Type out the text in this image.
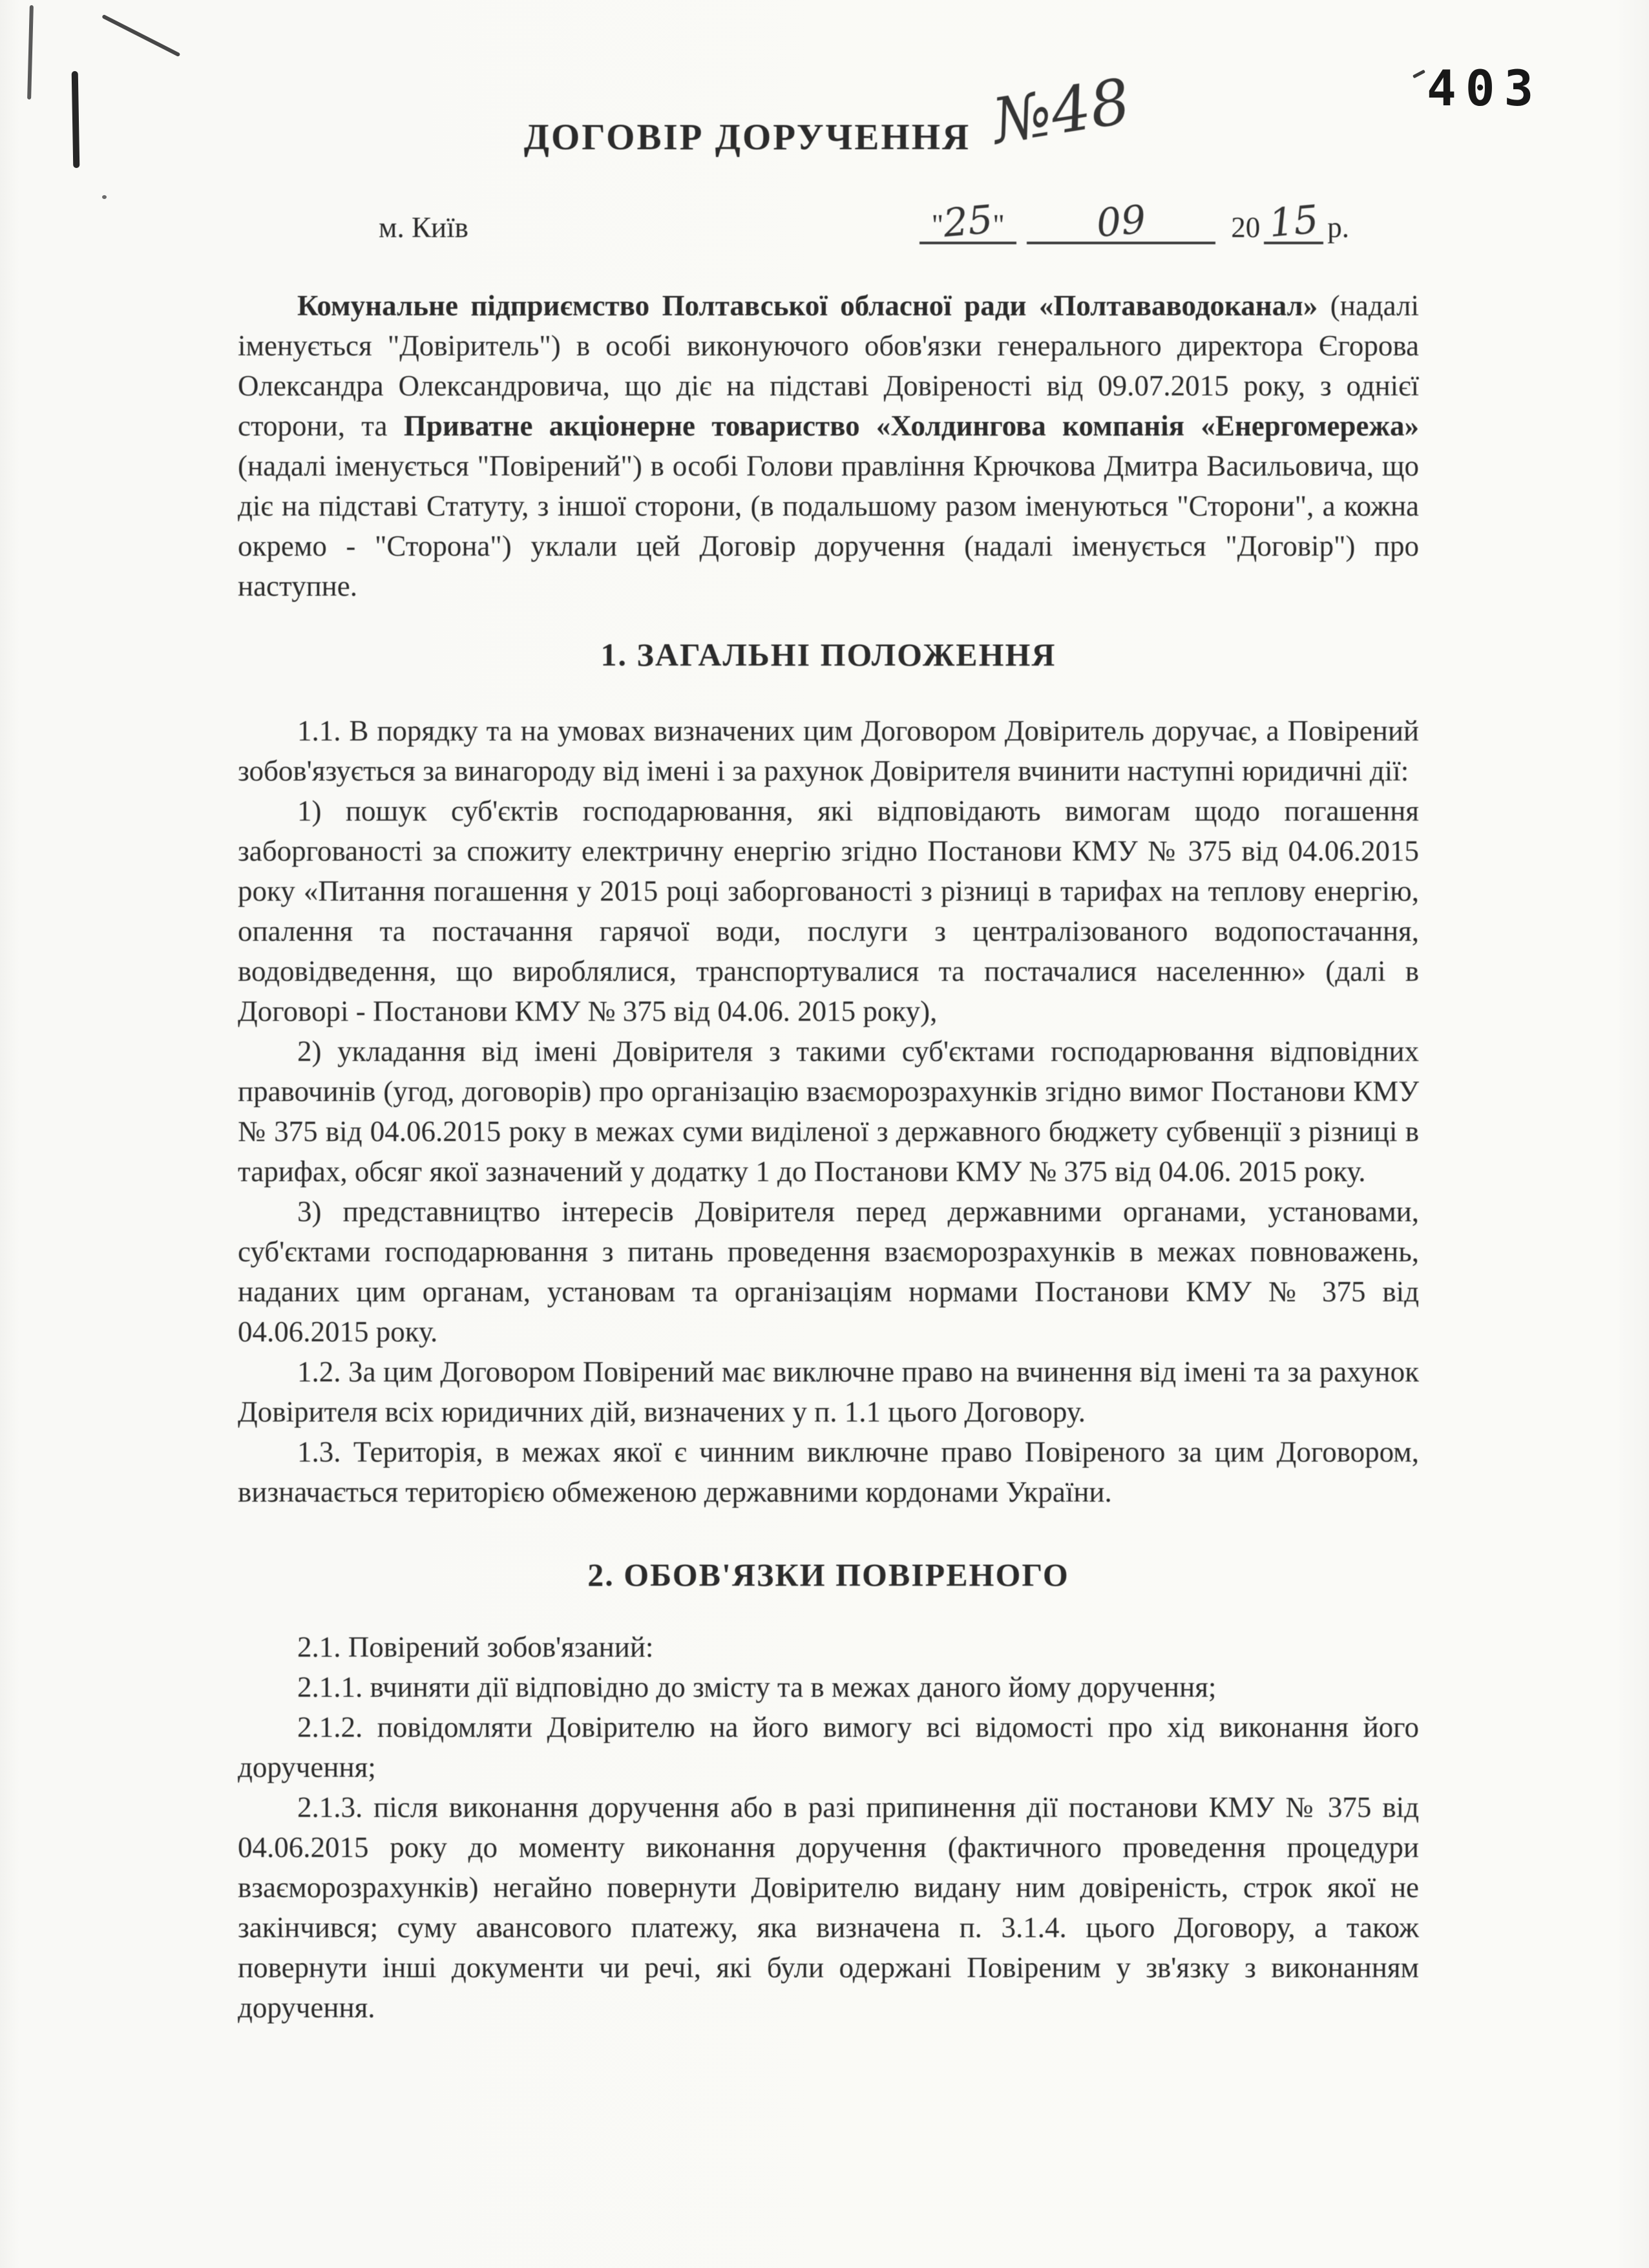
403
ДОГОВІР ДОРУЧЕННЯ №48
м. Київ	"25"	09	20 15 р.

Комунальне підприємство Полтавської обласної ради «Полтававодоканал» (надалі іменується "Довіритель") в особі виконуючого обов'язки генерального директора Єгорова Олександра Олександровича, що діє на підставі Довіреності від 09.07.2015 року, з однієї сторони, та Приватне акціонерне товариство «Холдингова компанія «Енергомережа» (надалі іменується "Повірений") в особі Голови правління Крючкова Дмитра Васильовича, що діє на підставі Статуту, з іншої сторони, (в подальшому разом іменуються "Сторони", а кожна окремо - "Сторона") уклали цей Договір доручення (надалі іменується "Договір") про наступне.

1. ЗАГАЛЬНІ ПОЛОЖЕННЯ

1.1. В порядку та на умовах визначених цим Договором Довіритель доручає, а Повірений зобов'язується за винагороду від імені і за рахунок Довірителя вчинити наступні юридичні дії:

1) пошук суб'єктів господарювання, які відповідають вимогам щодо погашення заборгованості за спожиту електричну енергію згідно Постанови КМУ № 375 від 04.06.2015 року «Питання погашення у 2015 році заборгованості з різниці в тарифах на теплову енергію, опалення та постачання гарячої води, послуги з централізованого водопостачання, водовідведення, що вироблялися, транспортувалися та постачалися населенню» (далі в Договорі - Постанови КМУ № 375 від 04.06. 2015 року),

2) укладання від імені Довірителя з такими суб'єктами господарювання відповідних правочинів (угод, договорів) про організацію взаєморозрахунків згідно вимог Постанови КМУ № 375 від 04.06.2015 року в межах суми виділеної з державного бюджету субвенції з різниці в тарифах, обсяг якої зазначений у додатку 1 до Постанови КМУ № 375 від 04.06. 2015 року.

3) представництво інтересів Довірителя перед державними органами, установами, суб'єктами господарювання з питань проведення взаєморозрахунків в межах повноважень, наданих цим органам, установам та організаціям нормами Постанови КМУ № 375 від 04.06.2015 року.

1.2. За цим Договором Повірений має виключне право на вчинення від імені та за рахунок Довірителя всіх юридичних дій, визначених у п. 1.1 цього Договору.

1.3. Територія, в межах якої є чинним виключне право Повіреного за цим Договором, визначається територією обмеженою державними кордонами України.

2. ОБОВ'ЯЗКИ ПОВІРЕНОГО

2.1. Повірений зобов'язаний:

2.1.1. вчиняти дії відповідно до змісту та в межах даного йому доручення;

2.1.2. повідомляти Довірителю на його вимогу всі відомості про хід виконання його доручення;

2.1.3. після виконання доручення або в разі припинення дії постанови КМУ № 375 від 04.06.2015 року до моменту виконання доручення (фактичного проведення процедури взаєморозрахунків) негайно повернути Довірителю видану ним довіреність, строк якої не закінчився; суму авансового платежу, яка визначена п. 3.1.4. цього Договору, а також повернути інші документи чи речі, які були одержані Повіреним у зв'язку з виконанням доручення.
